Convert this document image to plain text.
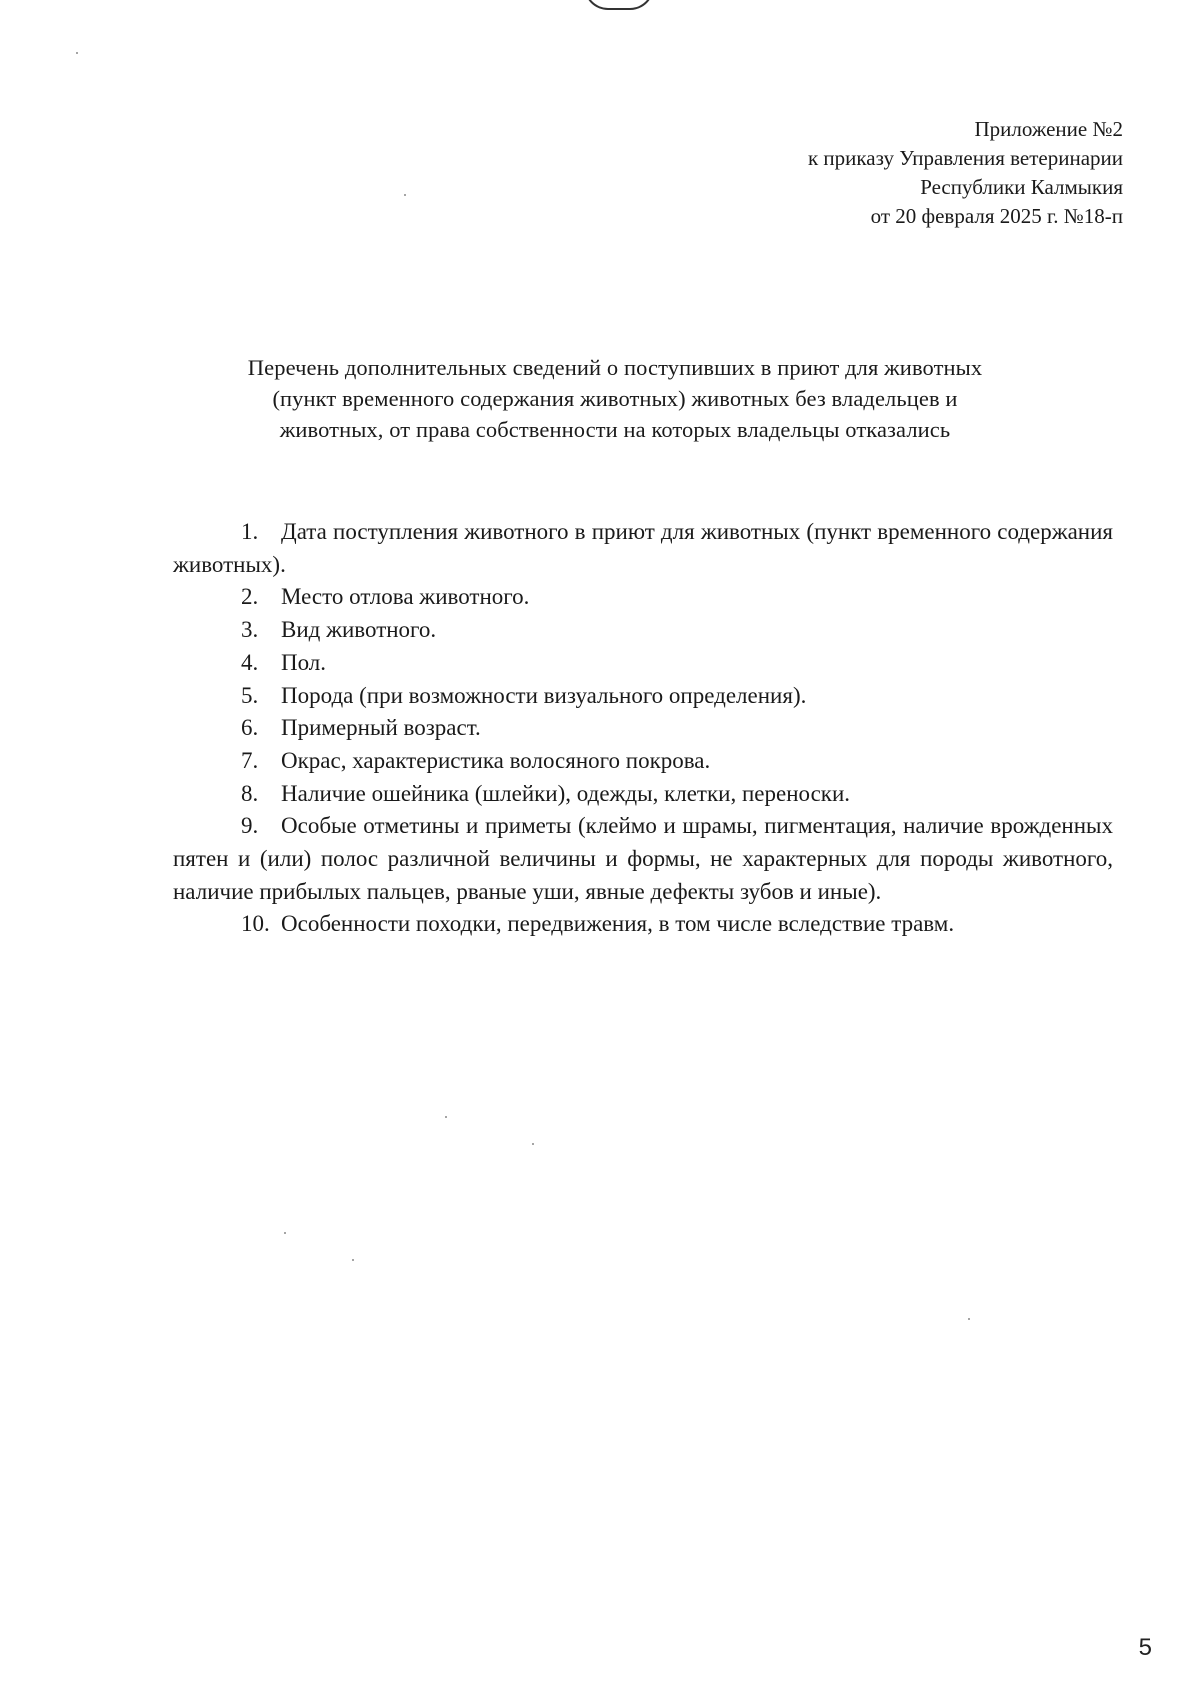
Приложение №2
к приказу Управления ветеринарии
Республики Калмыкия
от 20 февраля 2025 г. №18-п
Перечень дополнительных сведений о поступивших в приют для животных
(пункт временного содержания животных) животных без владельцев и
животных, от права собственности на которых владельцы отказались
1. Дата поступления животного в приют для животных (пункт временного содержания животных).
2. Место отлова животного.
3. Вид животного.
4. Пол.
5. Порода (при возможности визуального определения).
6. Примерный возраст.
7. Окрас, характеристика волосяного покрова.
8. Наличие ошейника (шлейки), одежды, клетки, переноски.
9. Особые отметины и приметы (клеймо и шрамы, пигментация, наличие врожденных пятен и (или) полос различной величины и формы, не характерных для породы животного, наличие прибылых пальцев, рваные уши, явные дефекты зубов и иные).
10. Особенности походки, передвижения, в том числе вследствие травм.
5
